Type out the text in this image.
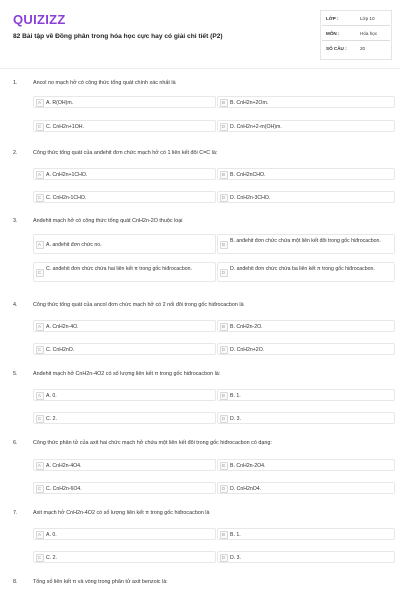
QUIZIZZ
82 Bài tập về Đồng phân trong hóa học cực hay có giải chi tiết (P2)
LỚP :	Lớp 10
MÔN :	Hóa học
SỐ CÂU :	20
1.	Ancol no mạch hở có công thức tổng quát chính xác nhất là
A A. R(OH)m.	B B. CnH2n+2Om.
C C. CnH2n+1OH.	D D. CnH2n+2-m(OH)m.
2.	Công thức tổng quát của anđehit đơn chức mạch hở có 1 liên kết đôi C=C là:
A A. CnH2n+1CHO.	B B. CnH2nCHO.
C C. CnH2n-1CHO.	D D. CnH2n-3CHO.
3.	Anđehit mạch hở có công thức tổng quát CnH2n-2O thuộc loại
A A. anđehit đơn chức no.	B
B. anđehit đơn chức chứa một liên kết đôi trong gốc hiđrocacbon.
C
C. anđehit đơn chức chứa hai liên kết π trong gốc hiđrocacbon.
D
D. anđehit đơn chức chứa ba liên kết π trong gốc hiđrocacbon.
4.	Công thức tổng quát của ancol đơn chức mạch hở có 2 nối đôi trong gốc hiđrocacbon là
A A. CnH2n-4O.	B B. CnH2n-2O.
C C. CnH2nO.	D D. CnH2n+2O.
5.	Anđehit mạch hở CnH2n-4O2 có số lượng liên kết π trong gốc hiđrocacbon là:
A A. 0.	B B. 1.
C C. 2.	D D. 3.
6.	Công thức phân tử của axit hai chức mạch hở chứa một liên kết đôi trong gốc hiđrocacbon có dạng:
A A. CnH2n-4O4.	B B. CnH2n-2O4.
C C. CnH2n-6O4.	D D. CnH2nO4.
7.	Axit mạch hở CnH2n-4O2 có số lượng liên kết π trong gốc hiđrocacbon là
A A. 0.	B B. 1.
C C. 2.	D D. 3.
8.	Tổng số liên kết π và vòng trong phân tử axit benzoic là:
